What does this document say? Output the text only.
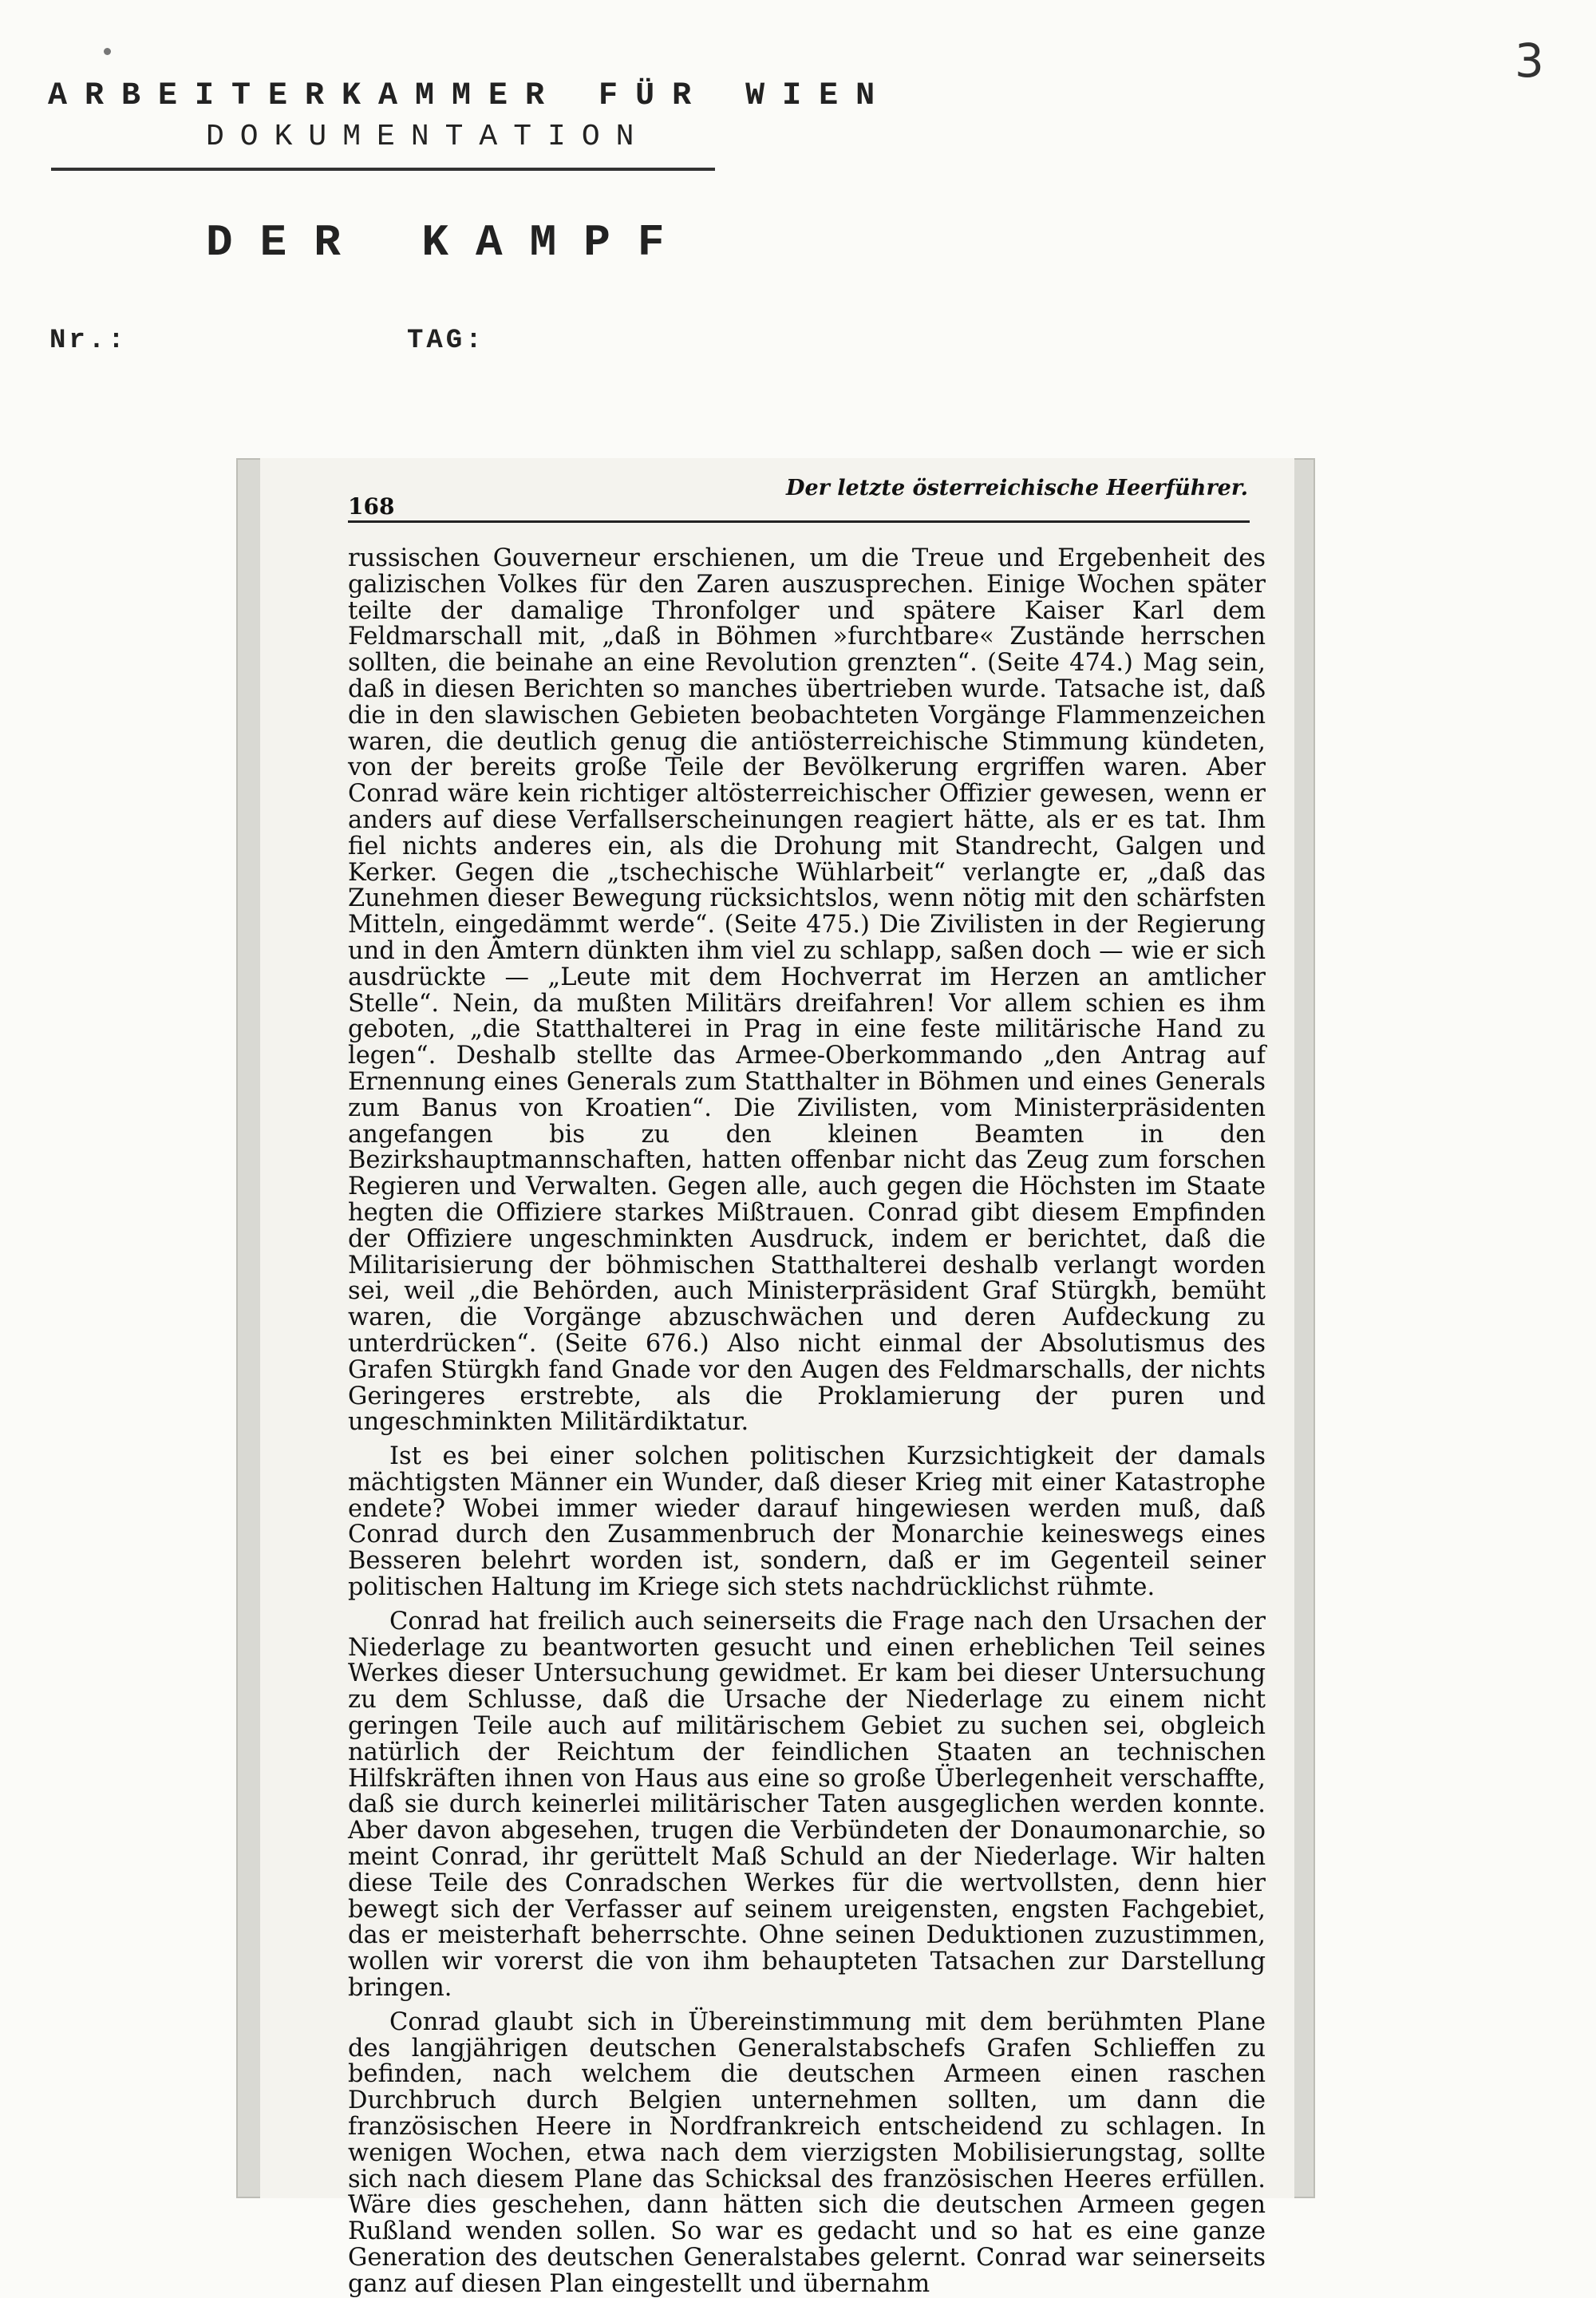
3
ARBEITERKAMMER FÜR WIEN
DOKUMENTATION
DER KAMPF
Nr.:	TAG:
168
Der letzte österreichische Heerführer.

russischen Gouverneur erschienen, um die Treue und Ergebenheit des galizischen Volkes für den Zaren auszusprechen. Einige Wochen später teilte der damalige Thronfolger und spätere Kaiser Karl dem Feldmarschall mit, „daß in Böhmen »furchtbare« Zustände herrschen sollten, die beinahe an eine Revolution grenzten“. (Seite 474.) Mag sein, daß in diesen Berichten so manches übertrieben wurde. Tatsache ist, daß die in den slawischen Gebieten beobachteten Vorgänge Flammenzeichen waren, die deutlich genug die antiösterreichische Stimmung kündeten, von der bereits große Teile der Bevölkerung ergriffen waren. Aber Conrad wäre kein richtiger altösterreichischer Offizier gewesen, wenn er anders auf diese Verfallserscheinungen reagiert hätte, als er es tat. Ihm fiel nichts anderes ein, als die Drohung mit Standrecht, Galgen und Kerker. Gegen die „tschechische Wühlarbeit“ verlangte er, „daß das Zunehmen dieser Bewegung rücksichtslos, wenn nötig mit den schärfsten Mitteln, eingedämmt werde“. (Seite 475.) Die Zivilisten in der Regierung und in den Ämtern dünkten ihm viel zu schlapp, saßen doch — wie er sich ausdrückte — „Leute mit dem Hochverrat im Herzen an amtlicher Stelle“. Nein, da mußten Militärs dreifahren! Vor allem schien es ihm geboten, „die Statthalterei in Prag in eine feste militärische Hand zu legen“. Deshalb stellte das Armee-Oberkommando „den Antrag auf Ernennung eines Generals zum Statthalter in Böhmen und eines Generals zum Banus von Kroatien“. Die Zivilisten, vom Ministerpräsidenten angefangen bis zu den kleinen Beamten in den Bezirkshauptmannschaften, hatten offenbar nicht das Zeug zum forschen Regieren und Verwalten. Gegen alle, auch gegen die Höchsten im Staate hegten die Offiziere starkes Mißtrauen. Conrad gibt diesem Empfinden der Offiziere ungeschminkten Ausdruck, indem er berichtet, daß die Militarisierung der böhmischen Statthalterei deshalb verlangt worden sei, weil „die Behörden, auch Ministerpräsident Graf Stürgkh, bemüht waren, die Vorgänge abzuschwächen und deren Aufdeckung zu unterdrücken“. (Seite 676.) Also nicht einmal der Absolutismus des Grafen Stürgkh fand Gnade vor den Augen des Feldmarschalls, der nichts Geringeres erstrebte, als die Proklamierung der puren und ungeschminkten Militärdiktatur.

Ist es bei einer solchen politischen Kurzsichtigkeit der damals mächtigsten Männer ein Wunder, daß dieser Krieg mit einer Katastrophe endete? Wobei immer wieder darauf hingewiesen werden muß, daß Conrad durch den Zusammenbruch der Monarchie keineswegs eines Besseren belehrt worden ist, sondern, daß er im Gegenteil seiner politischen Haltung im Kriege sich stets nachdrücklichst rühmte.

Conrad hat freilich auch seinerseits die Frage nach den Ursachen der Niederlage zu beantworten gesucht und einen erheblichen Teil seines Werkes dieser Untersuchung gewidmet. Er kam bei dieser Untersuchung zu dem Schlusse, daß die Ursache der Niederlage zu einem nicht geringen Teile auch auf militärischem Gebiet zu suchen sei, obgleich natürlich der Reichtum der feindlichen Staaten an technischen Hilfskräften ihnen von Haus aus eine so große Überlegenheit verschaffte, daß sie durch keinerlei militärischer Taten ausgeglichen werden konnte. Aber davon abgesehen, trugen die Verbündeten der Donaumonarchie, so meint Conrad, ihr gerüttelt Maß Schuld an der Niederlage. Wir halten diese Teile des Conradschen Werkes für die wertvollsten, denn hier bewegt sich der Verfasser auf seinem ureigensten, engsten Fachgebiet, das er meisterhaft beherrschte. Ohne seinen Deduktionen zuzustimmen, wollen wir vorerst die von ihm behaupteten Tatsachen zur Darstellung bringen.

Conrad glaubt sich in Übereinstimmung mit dem berühmten Plane des langjährigen deutschen Generalstabschefs Grafen Schlieffen zu befinden, nach welchem die deutschen Armeen einen raschen Durchbruch durch Belgien unternehmen sollten, um dann die französischen Heere in Nordfrankreich entscheidend zu schlagen. In wenigen Wochen, etwa nach dem vierzigsten Mobilisierungstag, sollte sich nach diesem Plane das Schicksal des französischen Heeres erfüllen. Wäre dies geschehen, dann hätten sich die deutschen Armeen gegen Rußland wenden sollen. So war es gedacht und so hat es eine ganze Generation des deutschen Generalstabes gelernt. Conrad war seinerseits ganz auf diesen Plan eingestellt und übernahm
